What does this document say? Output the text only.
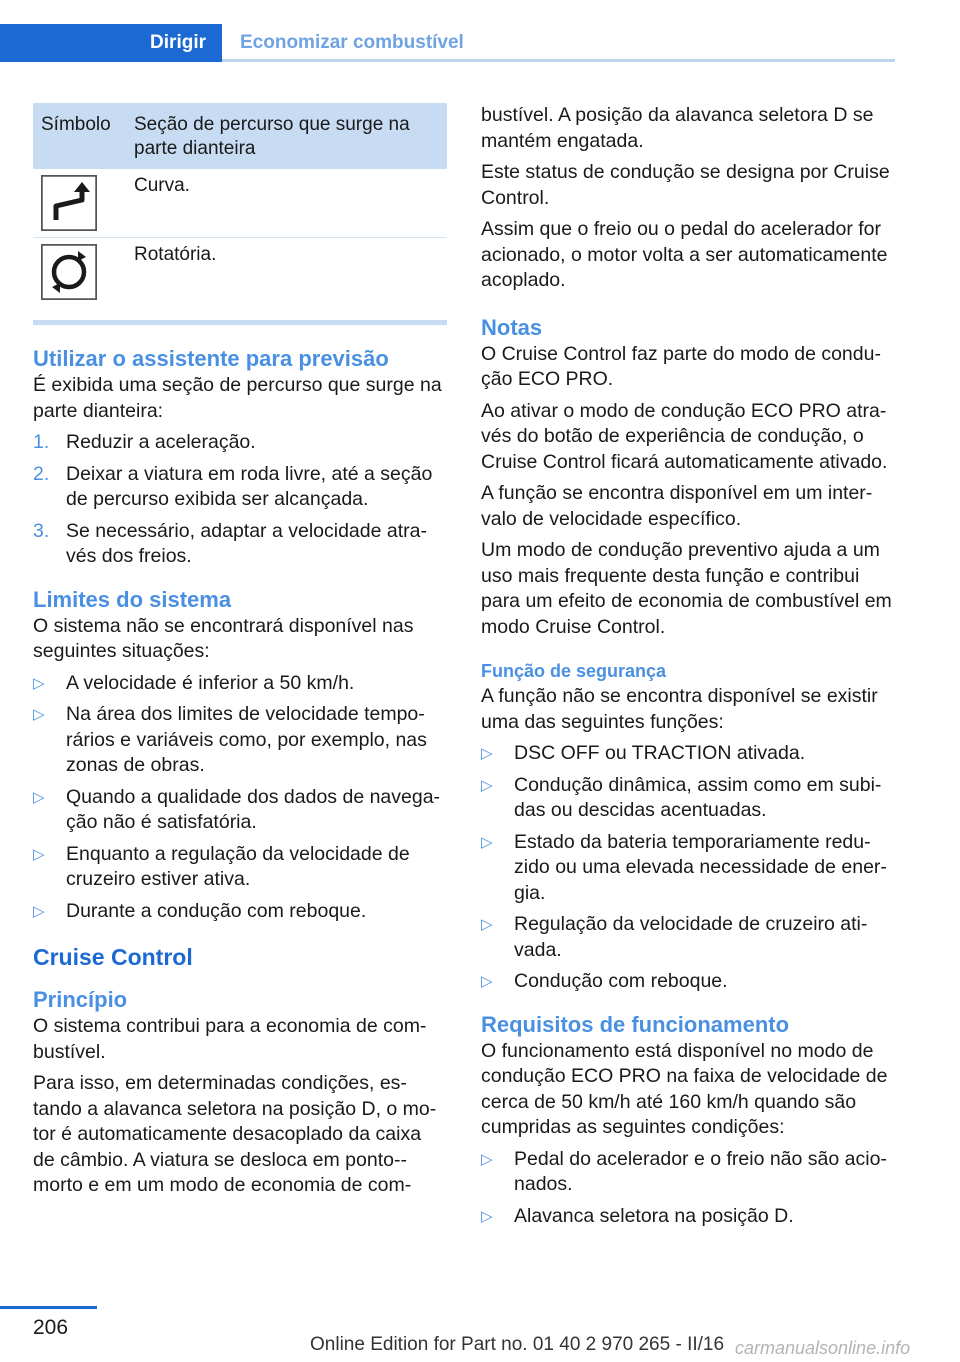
Dirigir	Economizar combustível
Símbolo	Seção de percurso que surge na parte dianteira

	Curva.

	Rotatória.
Utilizar o assistente para previsão

É exibida uma seção de percurso que surge na parte dianteira:

1. Reduzir a aceleração.
2. Deixar a viatura em roda livre, até a seção de percurso exibida ser alcançada.
3. Se necessário, adaptar a velocidade atra‐vés dos freios.
Limites do sistema

O sistema não se encontrará disponível nas seguintes situações:

▷ A velocidade é inferior a 50 km/h.
▷ Na área dos limites de velocidade tempo‐rários e variáveis como, por exemplo, nas zonas de obras.
▷ Quando a qualidade dos dados de navega‐ção não é satisfatória.
▷ Enquanto a regulação da velocidade de cruzeiro estiver ativa.
▷ Durante a condução com reboque.
Cruise Control
Princípio

O sistema contribui para a economia de com‐bustível.

Para isso, em determinadas condições, es‐tando a alavanca seletora na posição D, o mo‐tor é automaticamente desacoplado da caixa de câmbio. A viatura se desloca em ponto-‐morto e em um modo de economia de com‐

bustível. A posição da alavanca seletora D se mantém engatada.

Este status de condução se designa por Cruise Control.

Assim que o freio ou o pedal do acelerador for acionado, o motor volta a ser automaticamente acoplado.

Notas

O Cruise Control faz parte do modo de condu‐ção ECO PRO.

Ao ativar o modo de condução ECO PRO atra‐vés do botão de experiência de condução, o Cruise Control ficará automaticamente ativado.

A função se encontra disponível em um inter‐valo de velocidade específico.

Um modo de condução preventivo ajuda a um uso mais frequente desta função e contribui para um efeito de economia de combustível em modo Cruise Control.

Função de segurança

A função não se encontra disponível se existir uma das seguintes funções:

▷ DSC OFF ou TRACTION ativada.
▷ Condução dinâmica, assim como em subi‐das ou descidas acentuadas.
▷ Estado da bateria temporariamente redu‐zido ou uma elevada necessidade de ener‐gia.
▷ Regulação da velocidade de cruzeiro ati‐vada.
▷ Condução com reboque.
Requisitos de funcionamento

O funcionamento está disponível no modo de condução ECO PRO na faixa de velocidade de cerca de 50 km/h até 160 km/h quando são cumpridas as seguintes condições:

▷ Pedal do acelerador e o freio não são acio‐nados.
▷ Alavanca seletora na posição D.
206
Online Edition for Part no. 01 40 2 970 265 - II/16 carmanualsonline.info
